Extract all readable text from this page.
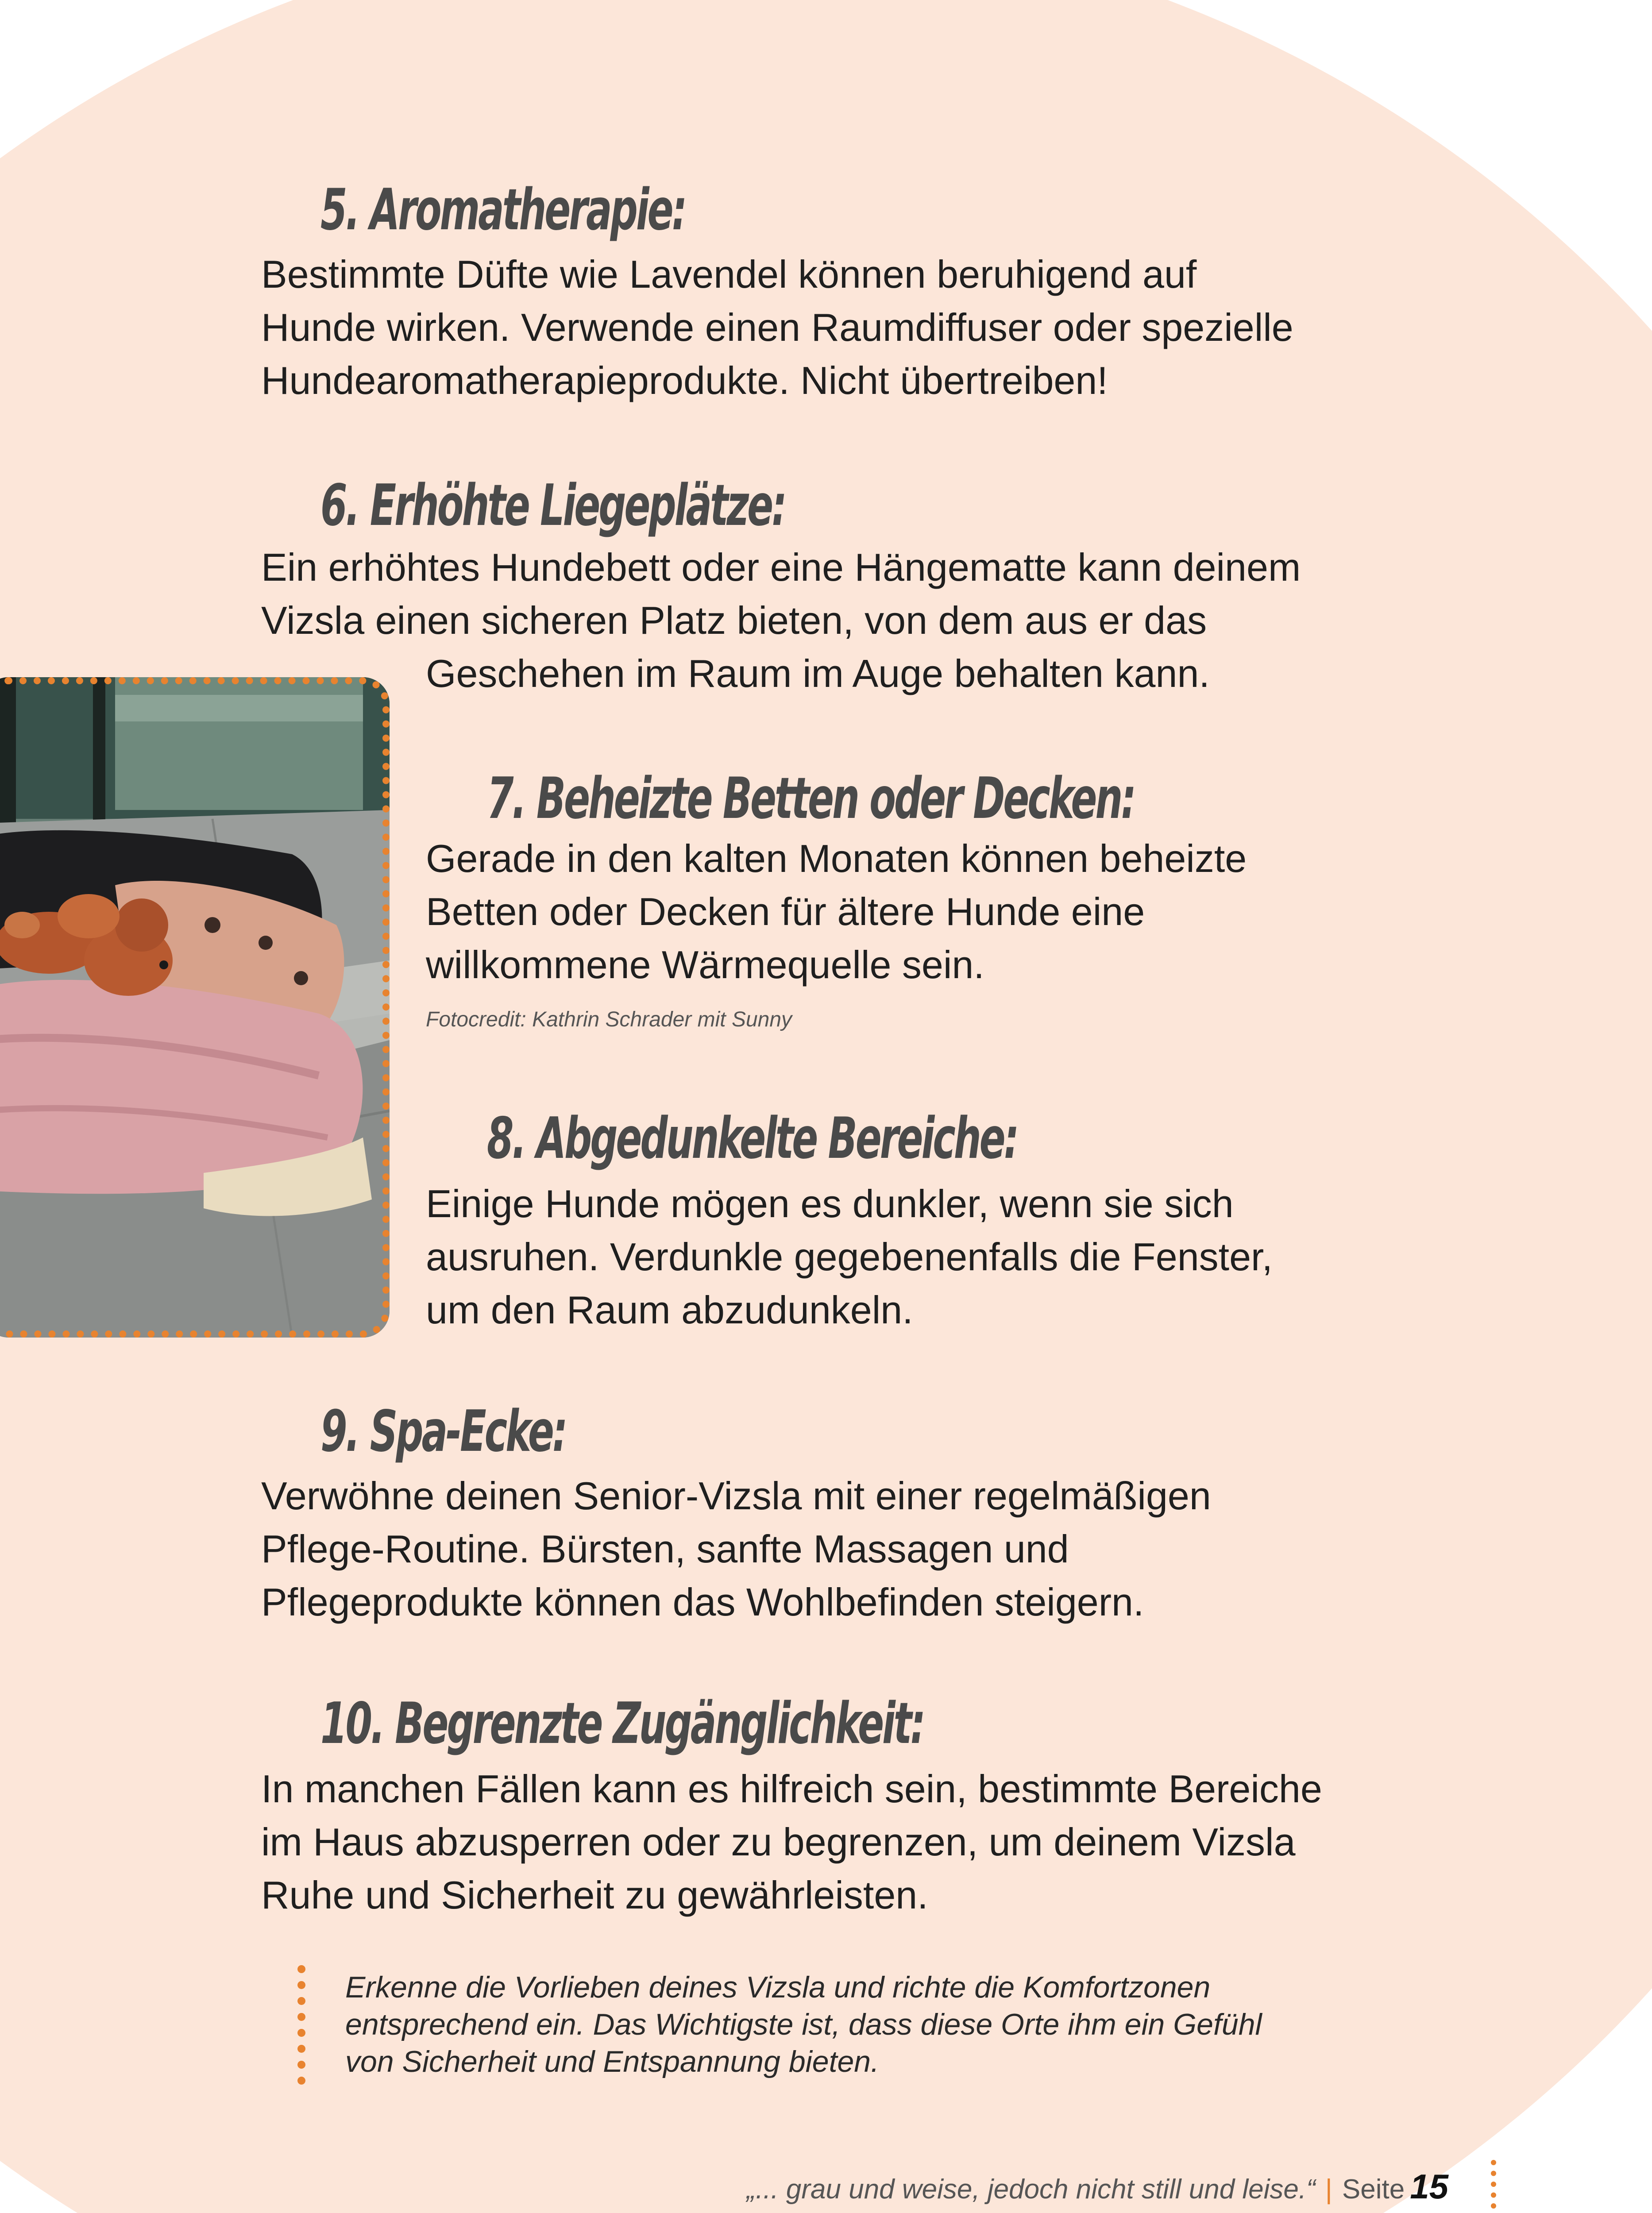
5. Aromatherapie:
Bestimmte Düfte wie Lavendel können beruhigend auf
Hunde wirken. Verwende einen Raumdiffuser oder spezielle
Hundearomatherapieprodukte. Nicht übertreiben!
6. Erhöhte Liegeplätze:
Ein erhöhtes Hundebett oder eine Hängematte kann deinem
Vizsla einen sicheren Platz bieten, von dem aus er das
Geschehen im Raum im Auge behalten kann.
7. Beheizte Betten oder Decken:
Gerade in den kalten Monaten können beheizte
Betten oder Decken für ältere Hunde eine
willkommene Wärmequelle sein.
Fotocredit: Kathrin Schrader mit Sunny
8. Abgedunkelte Bereiche:
Einige Hunde mögen es dunkler, wenn sie sich
ausruhen. Verdunkle gegebenenfalls die Fenster,
um den Raum abzudunkeln.
9. Spa-Ecke:
Verwöhne deinen Senior-Vizsla mit einer regelmäßigen
Pflege-Routine. Bürsten, sanfte Massagen und
Pflegeprodukte können das Wohlbefinden steigern.
10. Begrenzte Zugänglichkeit:
In manchen Fällen kann es hilfreich sein, bestimmte Bereiche
im Haus abzusperren oder zu begrenzen, um deinem Vizsla
Ruhe und Sicherheit zu gewährleisten.
Erkenne die Vorlieben deines Vizsla und richte die Komfortzonen
entsprechend ein. Das Wichtigste ist, dass diese Orte ihm ein Gefühl
von Sicherheit und Entspannung bieten.
„... grau und weise, jedoch nicht still und leise.“ | Seite 15
